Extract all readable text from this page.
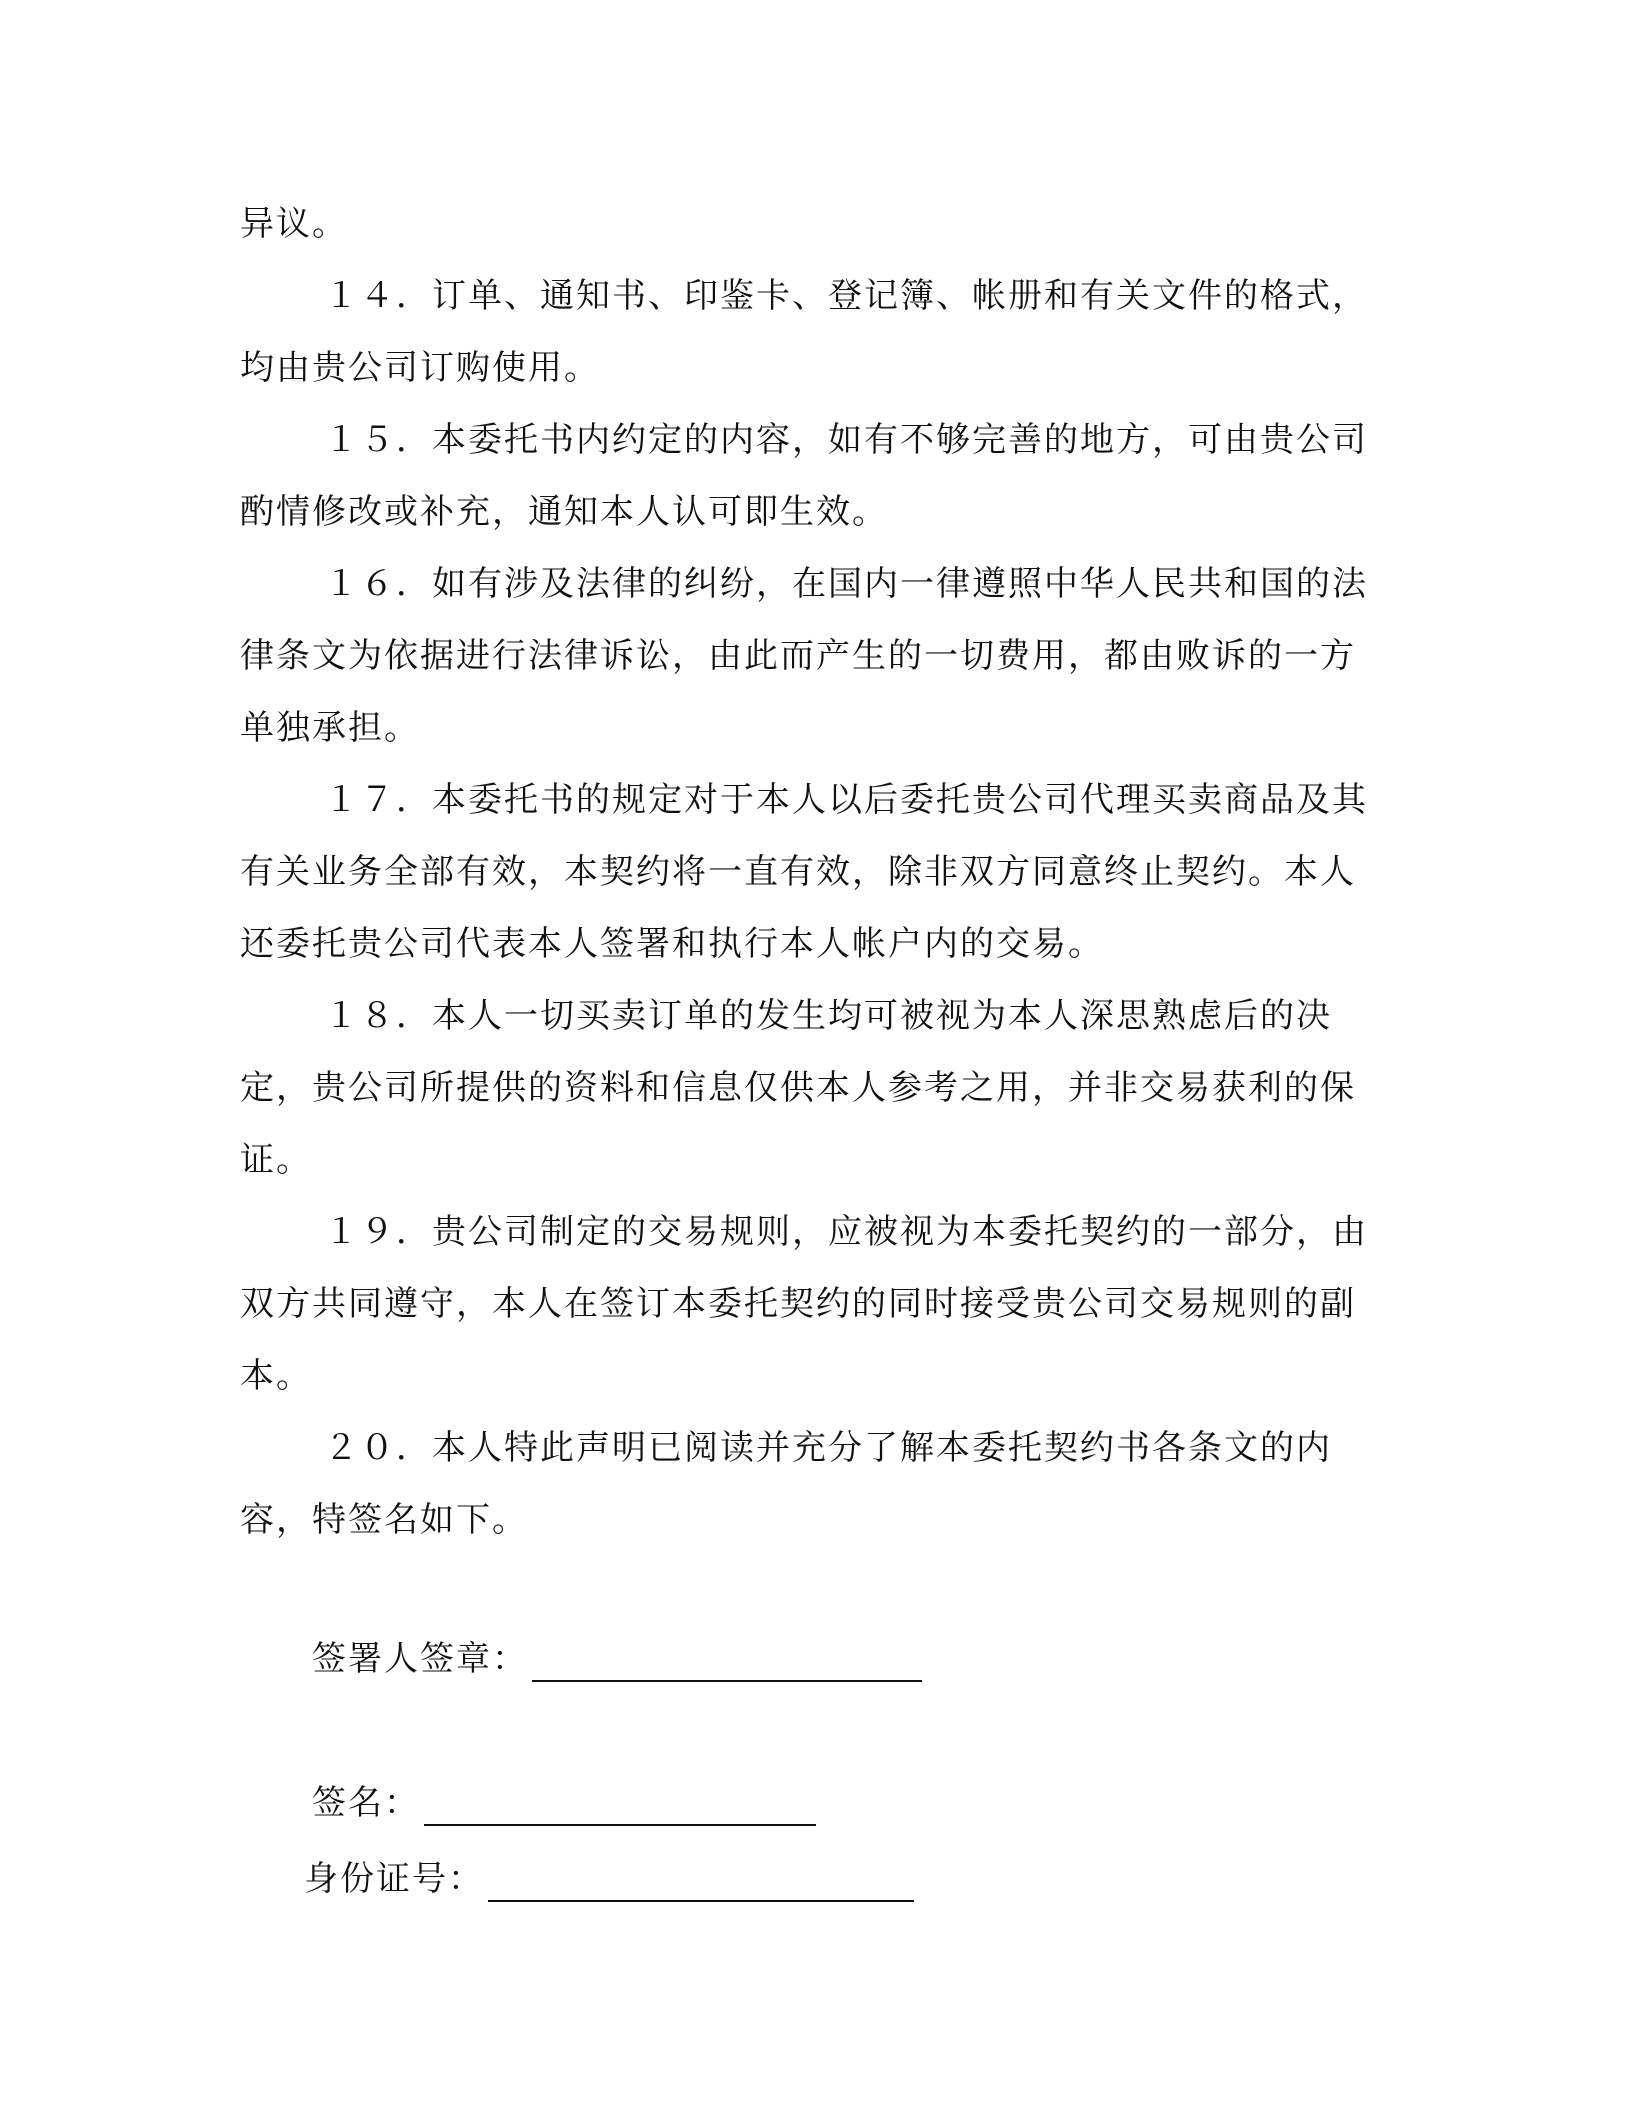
异议。

１４．订单、通知书、印鉴卡、登记簿、帐册和有关文件的格式，均由贵公司订购使用。

１５．本委托书内约定的内容，如有不够完善的地方，可由贵公司酌情修改或补充，通知本人认可即生效。

１６．如有涉及法律的纠纷，在国内一律遵照中华人民共和国的法律条文为依据进行法律诉讼，由此而产生的一切费用，都由败诉的一方单独承担。

１７．本委托书的规定对于本人以后委托贵公司代理买卖商品及其有关业务全部有效，本契约将一直有效，除非双方同意终止契约。本人还委托贵公司代表本人签署和执行本人帐户内的交易。

１８．本人一切买卖订单的发生均可被视为本人深思熟虑后的决定，贵公司所提供的资料和信息仅供本人参考之用，并非交易获利的保证。

１９．贵公司制定的交易规则，应被视为本委托契约的一部分，由双方共同遵守，本人在签订本委托契约的同时接受贵公司交易规则的副本。

２０．本人特此声明已阅读并充分了解本委托契约书各条文的内容，特签名如下。

签署人签章：
签名：
身份证号：
